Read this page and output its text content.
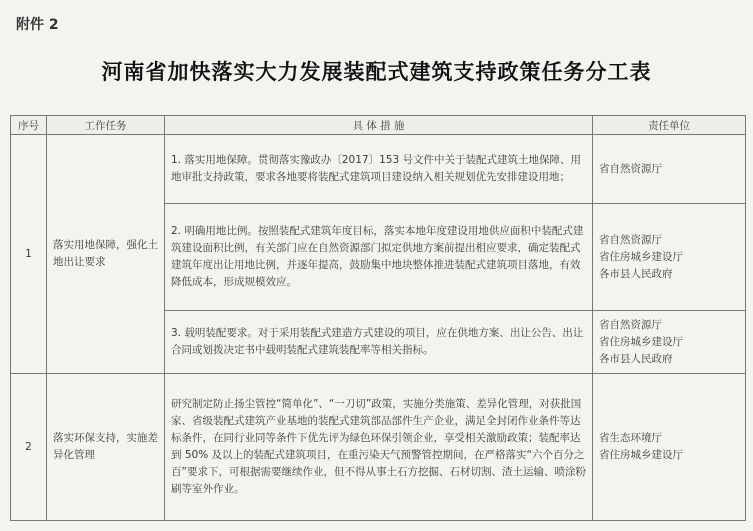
附件 2
河南省加快落实大力发展装配式建筑支持政策任务分工表
序号	工作任务	具 体 措 施	责任单位
1	落实用地保障，强化土地出让要求	1. 落实用地保障。贯彻落实豫政办〔2017〕153 号文件中关于装配式建筑土地保障、用地审批支持政策，要求各地要将装配式建筑项目建设纳入相关规划优先安排建设用地；	省自然资源厅

		2. 明确用地比例。按照装配式建筑年度目标，落实本地年度建设用地供应面积中装配式建筑建设面积比例，有关部门应在自然资源部门拟定供地方案前提出相应要求，确定装配式建筑年度出让用地比例，并逐年提高，鼓励集中地块整体推进装配式建筑项目落地，有效降低成本，形成规模效应。	省自然资源厅
省住房城乡建设厅
各市县人民政府

		3. 载明装配要求。对于采用装配式建造方式建设的项目，应在供地方案、出让公告、出让合同或划拨决定书中载明装配式建筑装配率等相关指标。	省自然资源厅
省住房城乡建设厅
各市县人民政府

2	落实环保支持，实施差异化管理	研究制定防止扬尘管控“简单化”、“一刀切”政策，实施分类施策、差异化管理，对获批国家、省级装配式建筑产业基地的装配式建筑部品部件生产企业，满足全封闭作业条件等达标条件，在同行业同等条件下优先评为绿色环保引领企业，享受相关激励政策；装配率达到 50% 及以上的装配式建筑项目，在重污染天气预警管控期间，在严格落实“六个百分之百”要求下，可根据需要继续作业，但不得从事土石方挖掘、石材切割、渣土运输、喷涂粉刷等室外作业。	省生态环境厅
省住房城乡建设厅
